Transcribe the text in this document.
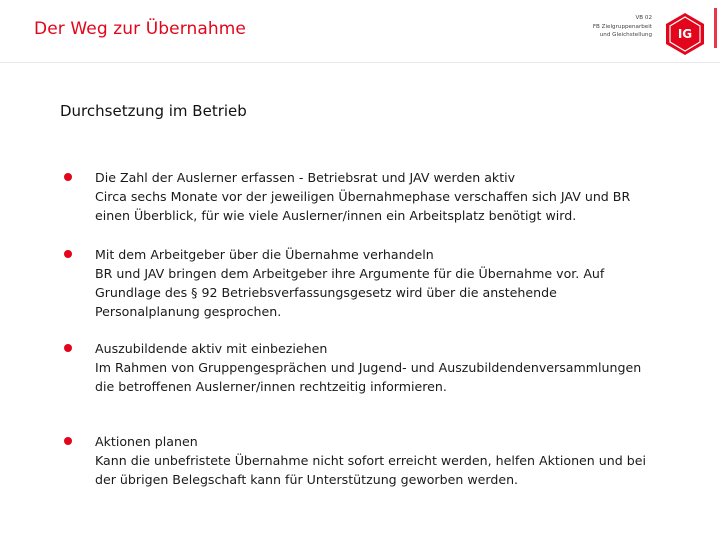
Der Weg zur Übernahme
VB 02
FB Zielgruppenarbeit
und Gleichstellung IG
Durchsetzung im Betrieb
Die Zahl der Auslerner erfassen - Betriebsrat und JAV werden aktiv
Circa sechs Monate vor der jeweiligen Übernahmephase verschaffen sich JAV und BR einen Überblick, für wie viele Auslerner/innen ein Arbeitsplatz benötigt wird.
Mit dem Arbeitgeber über die Übernahme verhandeln
BR und JAV bringen dem Arbeitgeber ihre Argumente für die Übernahme vor. Auf Grundlage des § 92 Betriebsverfassungsgesetz wird über die anstehende Personalplanung gesprochen.
Auszubildende aktiv mit einbeziehen
Im Rahmen von Gruppengesprächen und Jugend- und Auszubildendenversammlungen die betroffenen Auslerner/innen rechtzeitig informieren.
Aktionen planen
Kann die unbefristete Übernahme nicht sofort erreicht werden, helfen Aktionen und bei der übrigen Belegschaft kann für Unterstützung geworben werden.
